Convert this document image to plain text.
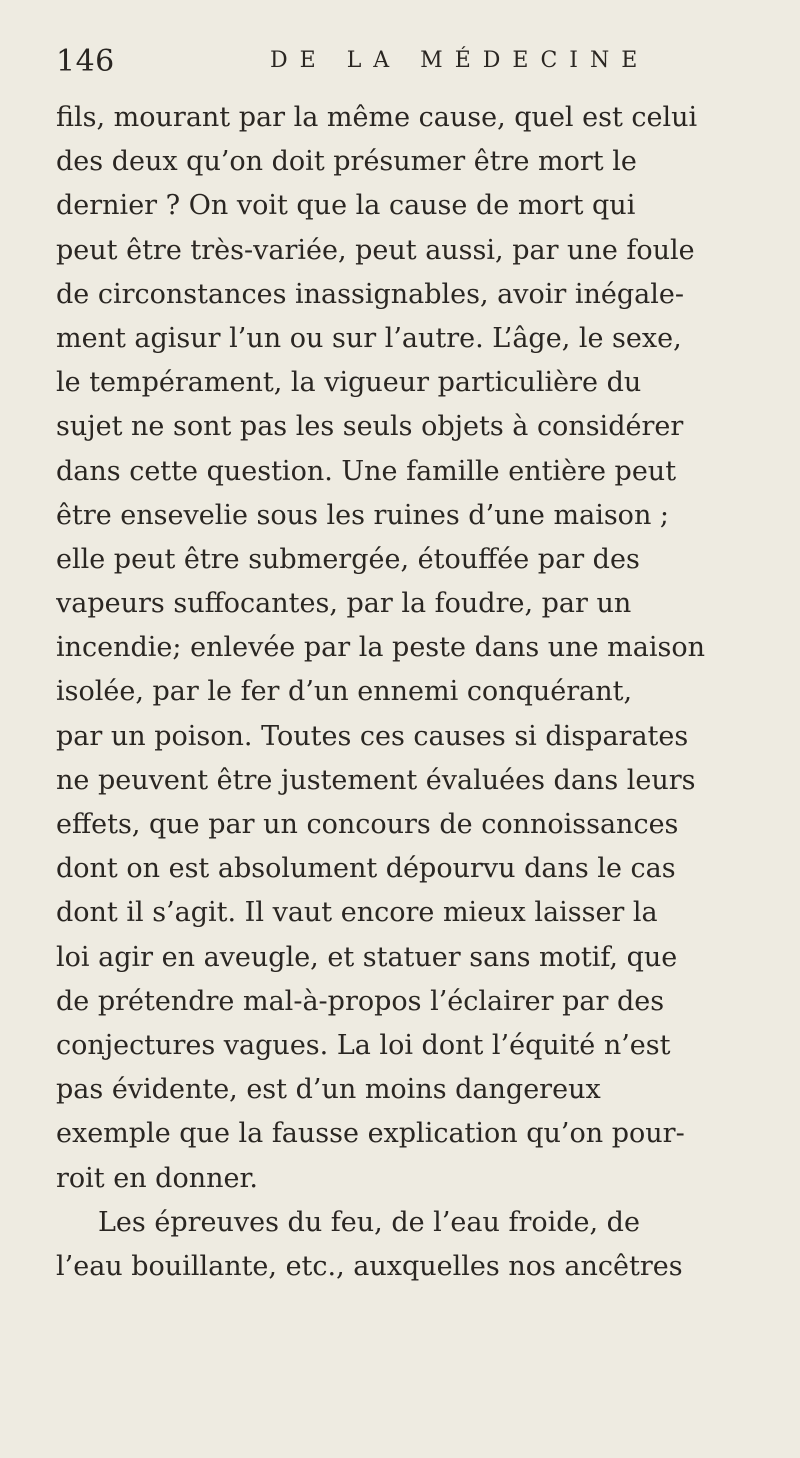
146	DE LA MÉDECINE
fils, mourant par la même cause, quel est celui
des deux qu’on doit présumer être mort le
dernier ? On voit que la cause de mort qui
peut être très-variée, peut aussi, par une foule
de circonstances inassignables, avoir inégale-
ment agisur l’un ou sur l’autre. L’âge, le sexe,
le tempérament, la vigueur particulière du
sujet ne sont pas les seuls objets à considérer
dans cette question. Une famille entière peut
être ensevelie sous les ruines d’une maison ;
elle peut être submergée, étouffée par des
vapeurs suffocantes, par la foudre, par un
incendie; enlevée par la peste dans une maison
isolée, par le fer d’un ennemi conquérant,
par un poison. Toutes ces causes si disparates
ne peuvent être justement évaluées dans leurs
effets, que par un concours de connoissances
dont on est absolument dépourvu dans le cas
dont il s’agit. Il vaut encore mieux laisser la
loi agir en aveugle, et statuer sans motif, que
de prétendre mal-à-propos l’éclairer par des
conjectures vagues. La loi dont l’équité n’est
pas évidente, est d’un moins dangereux
exemple que la fausse explication qu’on pour-
roit en donner.
Les épreuves du feu, de l’eau froide, de
l’eau bouillante, etc., auxquelles nos ancêtres
